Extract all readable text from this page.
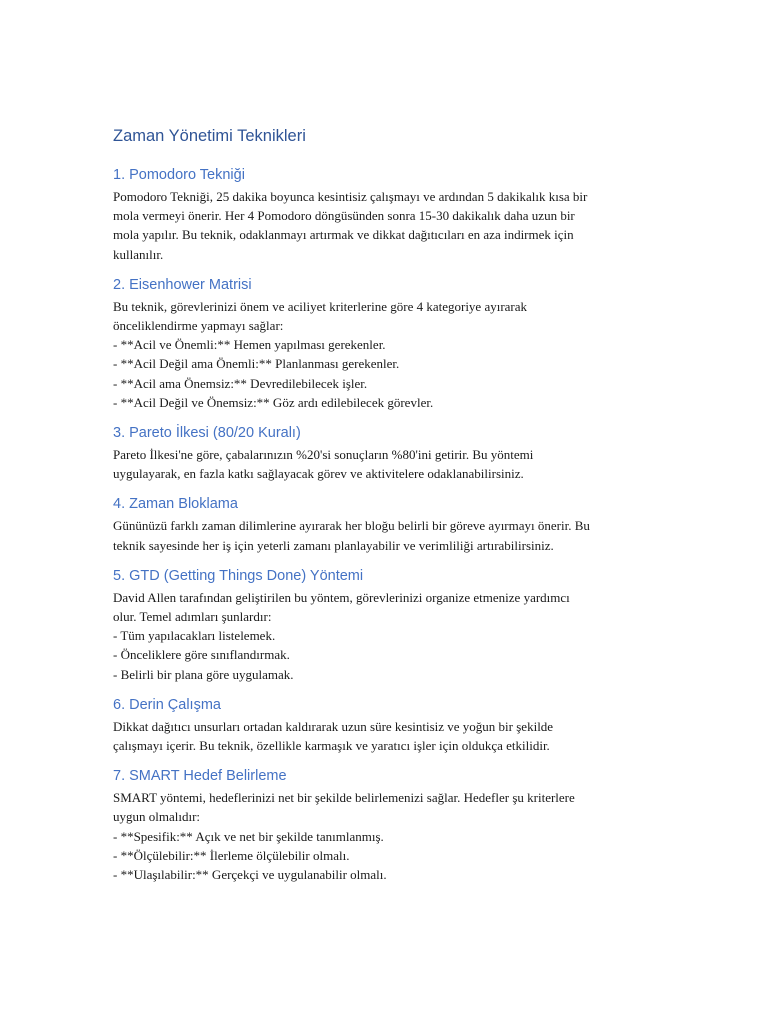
Zaman Yönetimi Teknikleri
1. Pomodoro Tekniği
Pomodoro Tekniği, 25 dakika boyunca kesintisiz çalışmayı ve ardından 5 dakikalık kısa bir
mola vermeyi önerir. Her 4 Pomodoro döngüsünden sonra 15-30 dakikalık daha uzun bir
mola yapılır. Bu teknik, odaklanmayı artırmak ve dikkat dağıtıcıları en aza indirmek için
kullanılır.
2. Eisenhower Matrisi
Bu teknik, görevlerinizi önem ve aciliyet kriterlerine göre 4 kategoriye ayırarak
önceliklendirme yapmayı sağlar:
- **Acil ve Önemli:** Hemen yapılması gerekenler.
- **Acil Değil ama Önemli:** Planlanması gerekenler.
- **Acil ama Önemsiz:** Devredilebilecek işler.
- **Acil Değil ve Önemsiz:** Göz ardı edilebilecek görevler.
3. Pareto İlkesi (80/20 Kuralı)
Pareto İlkesi'ne göre, çabalarınızın %20'si sonuçların %80'ini getirir. Bu yöntemi
uygulayarak, en fazla katkı sağlayacak görev ve aktivitelere odaklanabilirsiniz.
4. Zaman Bloklama
Gününüzü farklı zaman dilimlerine ayırarak her bloğu belirli bir göreve ayırmayı önerir. Bu
teknik sayesinde her iş için yeterli zamanı planlayabilir ve verimliliği artırabilirsiniz.
5. GTD (Getting Things Done) Yöntemi
David Allen tarafından geliştirilen bu yöntem, görevlerinizi organize etmenize yardımcı
olur. Temel adımları şunlardır:
- Tüm yapılacakları listelemek.
- Önceliklere göre sınıflandırmak.
- Belirli bir plana göre uygulamak.
6. Derin Çalışma
Dikkat dağıtıcı unsurları ortadan kaldırarak uzun süre kesintisiz ve yoğun bir şekilde
çalışmayı içerir. Bu teknik, özellikle karmaşık ve yaratıcı işler için oldukça etkilidir.
7. SMART Hedef Belirleme
SMART yöntemi, hedeflerinizi net bir şekilde belirlemenizi sağlar. Hedefler şu kriterlere
uygun olmalıdır:
- **Spesifik:** Açık ve net bir şekilde tanımlanmış.
- **Ölçülebilir:** İlerleme ölçülebilir olmalı.
- **Ulaşılabilir:** Gerçekçi ve uygulanabilir olmalı.
